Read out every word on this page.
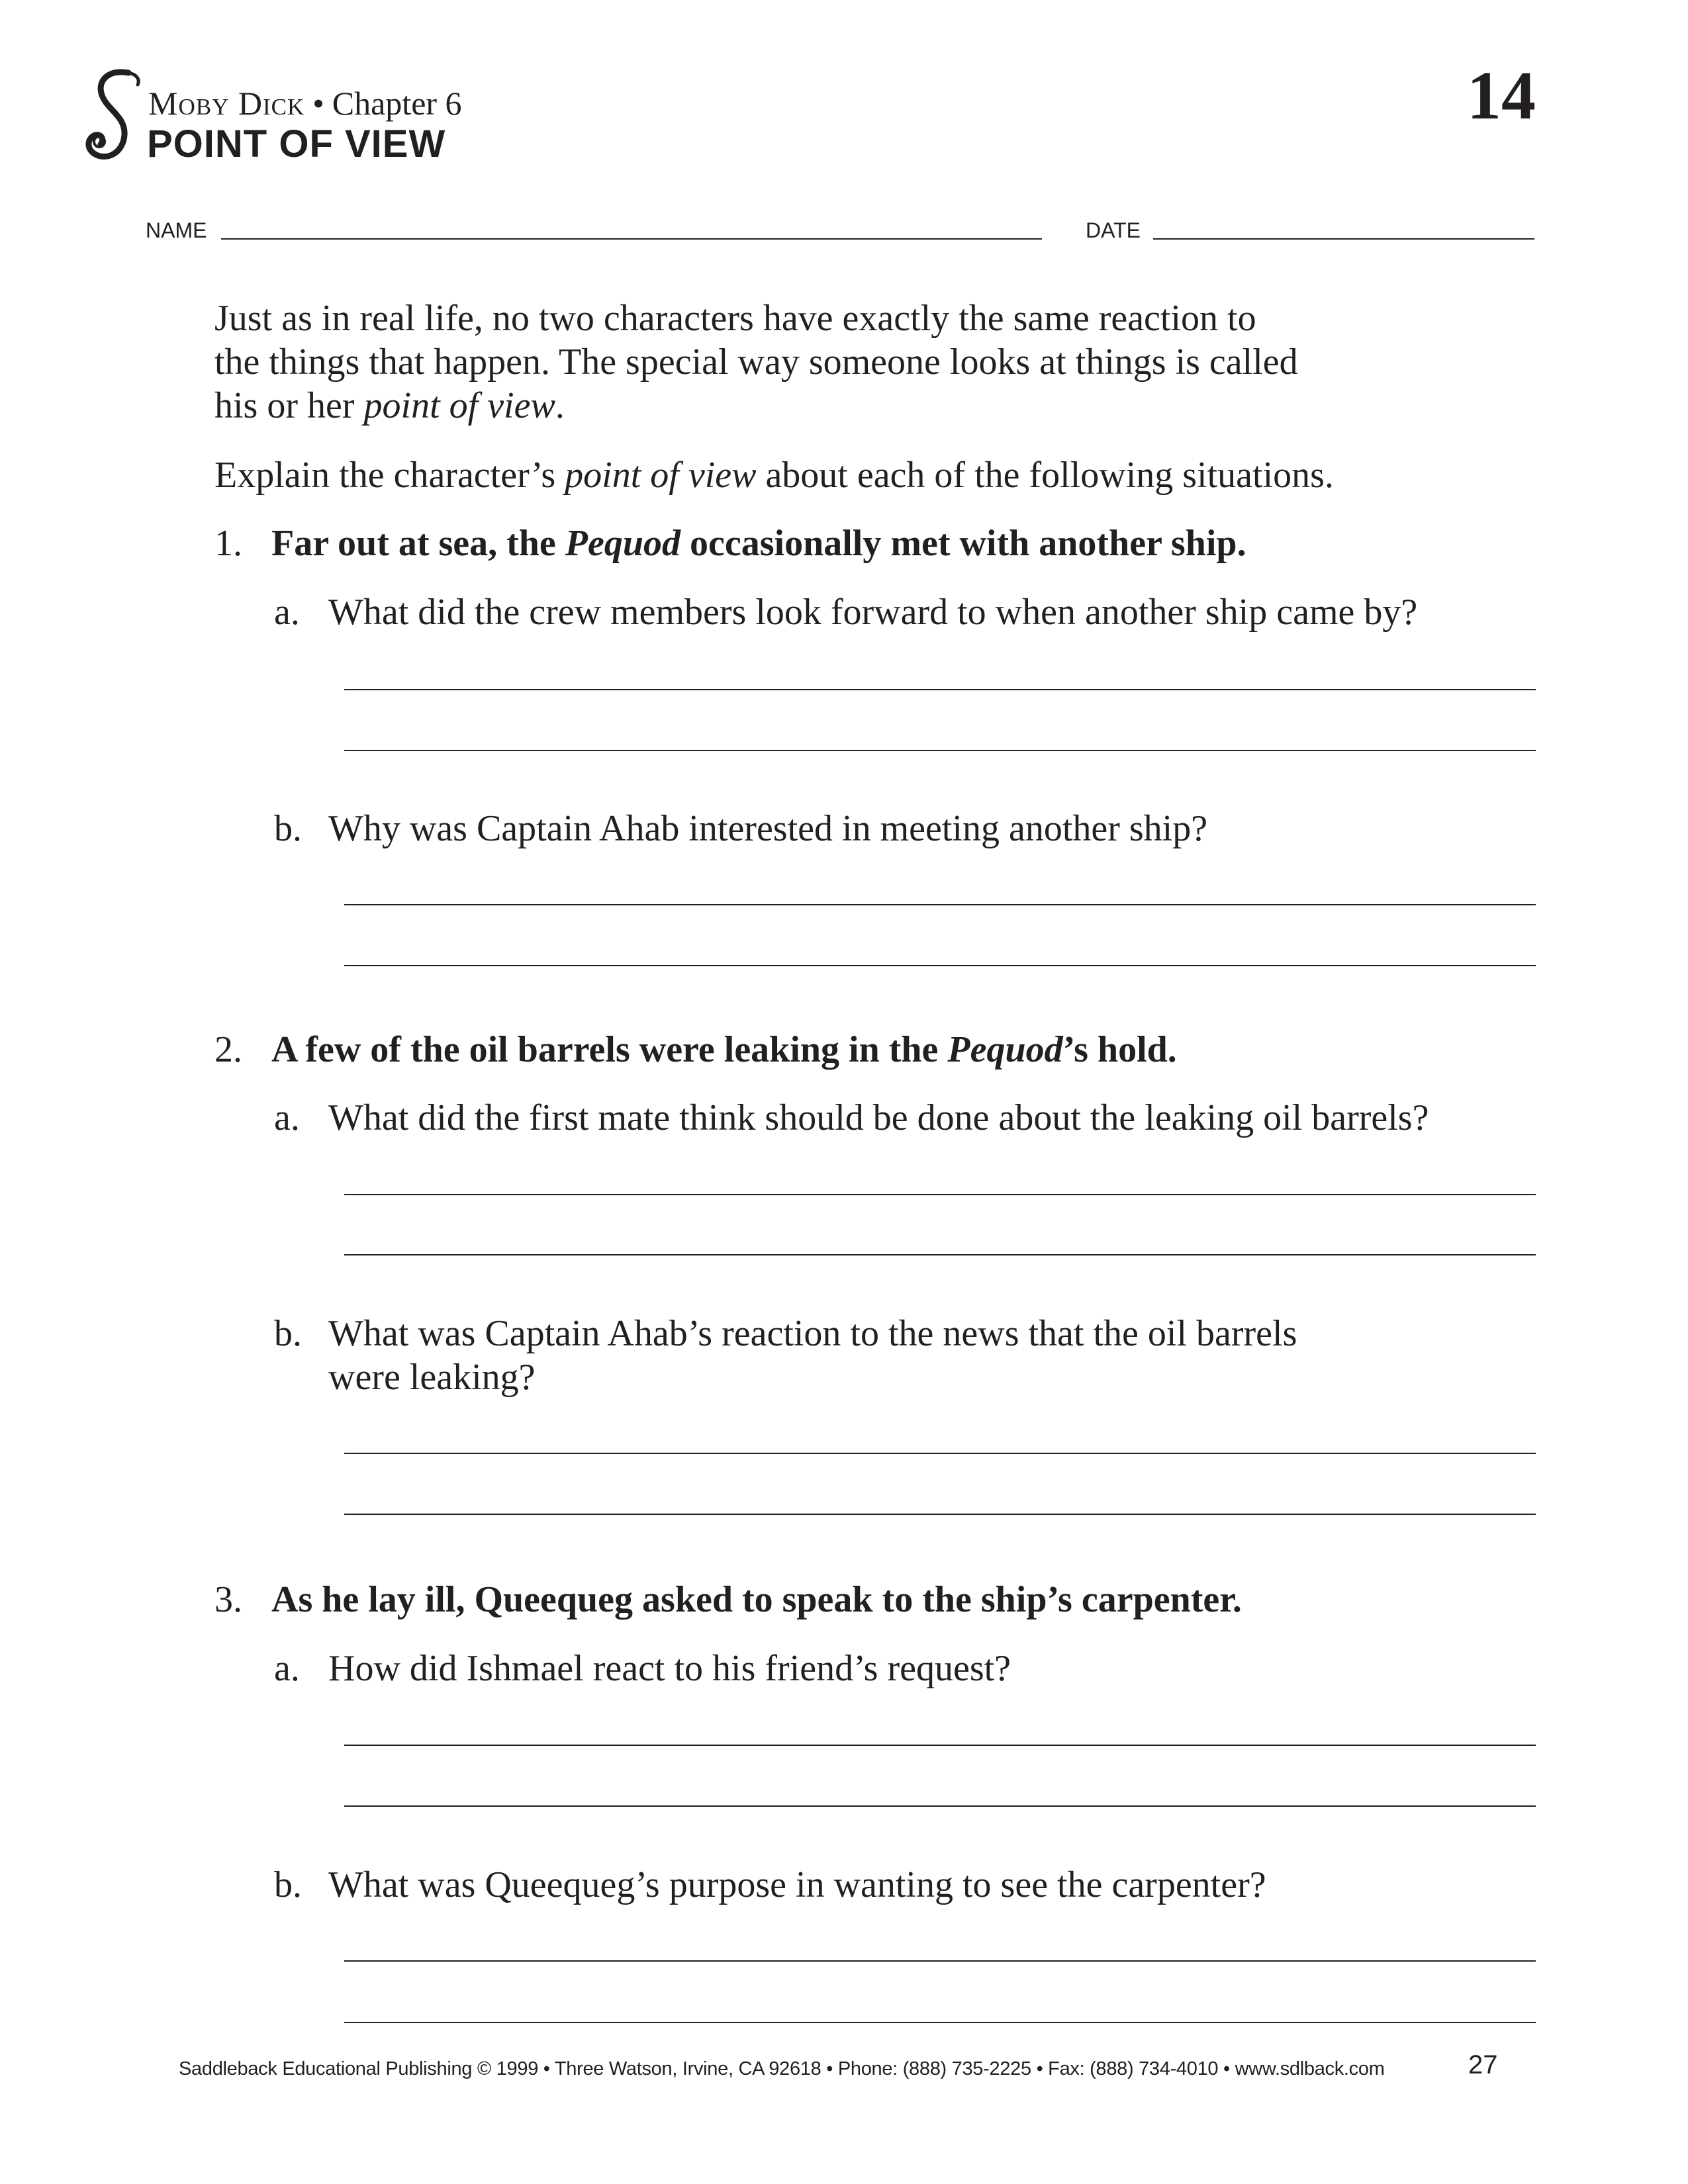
Moby Dick • Chapter 6
POINT OF VIEW
14
NAME	DATE
Just as in real life, no two characters have exactly the same reaction to
the things that happen. The special way someone looks at things is called
his or her point of view.
Explain the character’s point of view about each of the following situations.
1. Far out at sea, the Pequod occasionally met with another ship.
a. What did the crew members look forward to when another ship came by?
b. Why was Captain Ahab interested in meeting another ship?
2. A few of the oil barrels were leaking in the Pequod’s hold.
a. What did the first mate think should be done about the leaking oil barrels?
b. What was Captain Ahab’s reaction to the news that the oil barrels
were leaking?
3. As he lay ill, Queequeg asked to speak to the ship’s carpenter.
a. How did Ishmael react to his friend’s request?
b. What was Queequeg’s purpose in wanting to see the carpenter?
Saddleback Educational Publishing © 1999 • Three Watson, Irvine, CA 92618 • Phone: (888) 735-2225 • Fax: (888) 734-4010 • www.sdlback.com	27
